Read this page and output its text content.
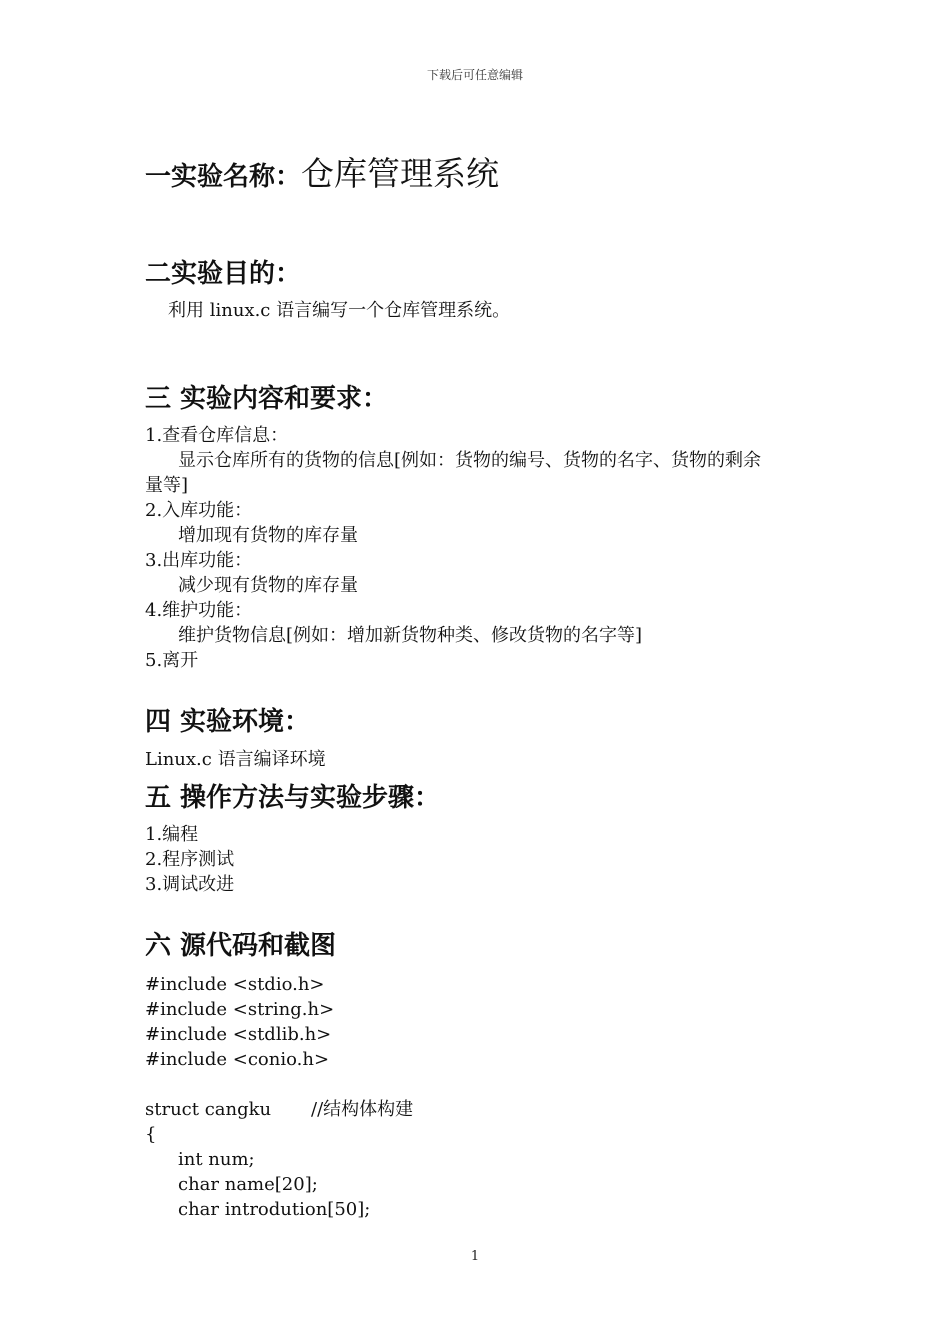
下载后可任意编辑
一实验名称：仓库管理系统
二实验目的：
利用 linux.c 语言编写一个仓库管理系统。
三 实验内容和要求：
1.查看仓库信息：
显示仓库所有的货物的信息[例如：货物的编号、货物的名字、货物的剩余
量等]
2.入库功能：
增加现有货物的库存量
3.出库功能：
减少现有货物的库存量
4.维护功能：
维护货物信息[例如：增加新货物种类、修改货物的名字等]
5.离开
四 实验环境：
Linux.c 语言编译环境
五 操作方法与实验步骤：
1.编程
2.程序测试
3.调试改进
六 源代码和截图
#include <stdio.h>
#include <string.h>
#include <stdlib.h>
#include <conio.h>
struct cangku //结构体构建
{
int num;
char name[20];
char introdution[50];
1
